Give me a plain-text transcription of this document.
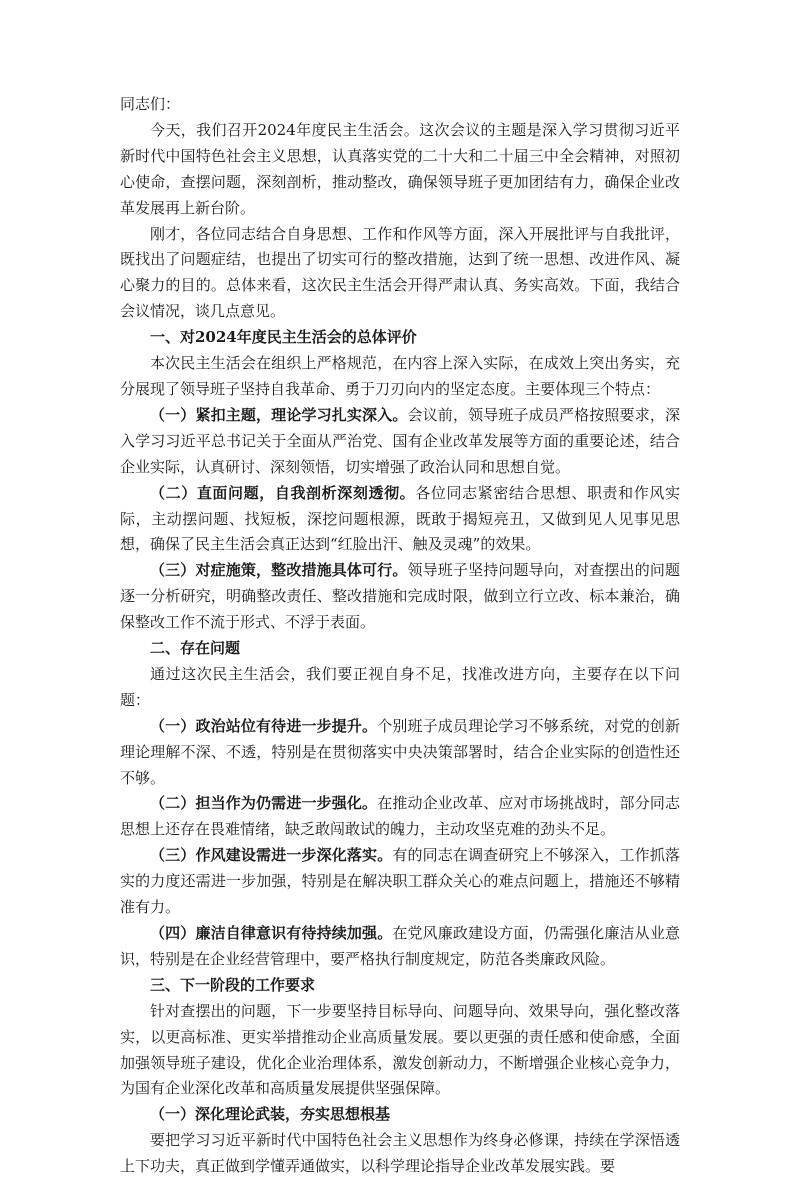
同志们：

今天，我们召开2024年度民主生活会。这次会议的主题是深入学习贯彻习近平新时代中国特色社会主义思想，认真落实党的二十大和二十届三中全会精神，对照初心使命，查摆问题，深刻剖析，推动整改，确保领导班子更加团结有力，确保企业改革发展再上新台阶。

刚才，各位同志结合自身思想、工作和作风等方面，深入开展批评与自我批评，既找出了问题症结，也提出了切实可行的整改措施，达到了统一思想、改进作风、凝心聚力的目的。总体来看，这次民主生活会开得严肃认真、务实高效。下面，我结合会议情况，谈几点意见。

一、对2024年度民主生活会的总体评价

本次民主生活会在组织上严格规范，在内容上深入实际，在成效上突出务实，充分展现了领导班子坚持自我革命、勇于刀刃向内的坚定态度。主要体现三个特点：

（一）紧扣主题，理论学习扎实深入。会议前，领导班子成员严格按照要求，深入学习习近平总书记关于全面从严治党、国有企业改革发展等方面的重要论述，结合企业实际，认真研讨、深刻领悟，切实增强了政治认同和思想自觉。

（二）直面问题，自我剖析深刻透彻。各位同志紧密结合思想、职责和作风实际，主动摆问题、找短板，深挖问题根源，既敢于揭短亮丑，又做到见人见事见思想，确保了民主生活会真正达到“红脸出汗、触及灵魂”的效果。

（三）对症施策，整改措施具体可行。领导班子坚持问题导向，对查摆出的问题逐一分析研究，明确整改责任、整改措施和完成时限，做到立行立改、标本兼治，确保整改工作不流于形式、不浮于表面。

二、存在问题

通过这次民主生活会，我们要正视自身不足，找准改进方向，主要存在以下问题：

（一）政治站位有待进一步提升。个别班子成员理论学习不够系统，对党的创新理论理解不深、不透，特别是在贯彻落实中央决策部署时，结合企业实际的创造性还不够。

（二）担当作为仍需进一步强化。在推动企业改革、应对市场挑战时，部分同志思想上还存在畏难情绪，缺乏敢闯敢试的魄力，主动攻坚克难的劲头不足。

（三）作风建设需进一步深化落实。有的同志在调查研究上不够深入，工作抓落实的力度还需进一步加强，特别是在解决职工群众关心的难点问题上，措施还不够精准有力。

（四）廉洁自律意识有待持续加强。在党风廉政建设方面，仍需强化廉洁从业意识，特别是在企业经营管理中，要严格执行制度规定，防范各类廉政风险。

三、下一阶段的工作要求

针对查摆出的问题，下一步要坚持目标导向、问题导向、效果导向，强化整改落实，以更高标准、更实举措推动企业高质量发展。要以更强的责任感和使命感，全面加强领导班子建设，优化企业治理体系，激发创新动力，不断增强企业核心竞争力，为国有企业深化改革和高质量发展提供坚强保障。

（一）深化理论武装，夯实思想根基

要把学习习近平新时代中国特色社会主义思想作为终身必修课，持续在学深悟透上下功夫，真正做到学懂弄通做实，以科学理论指导企业改革发展实践。要
